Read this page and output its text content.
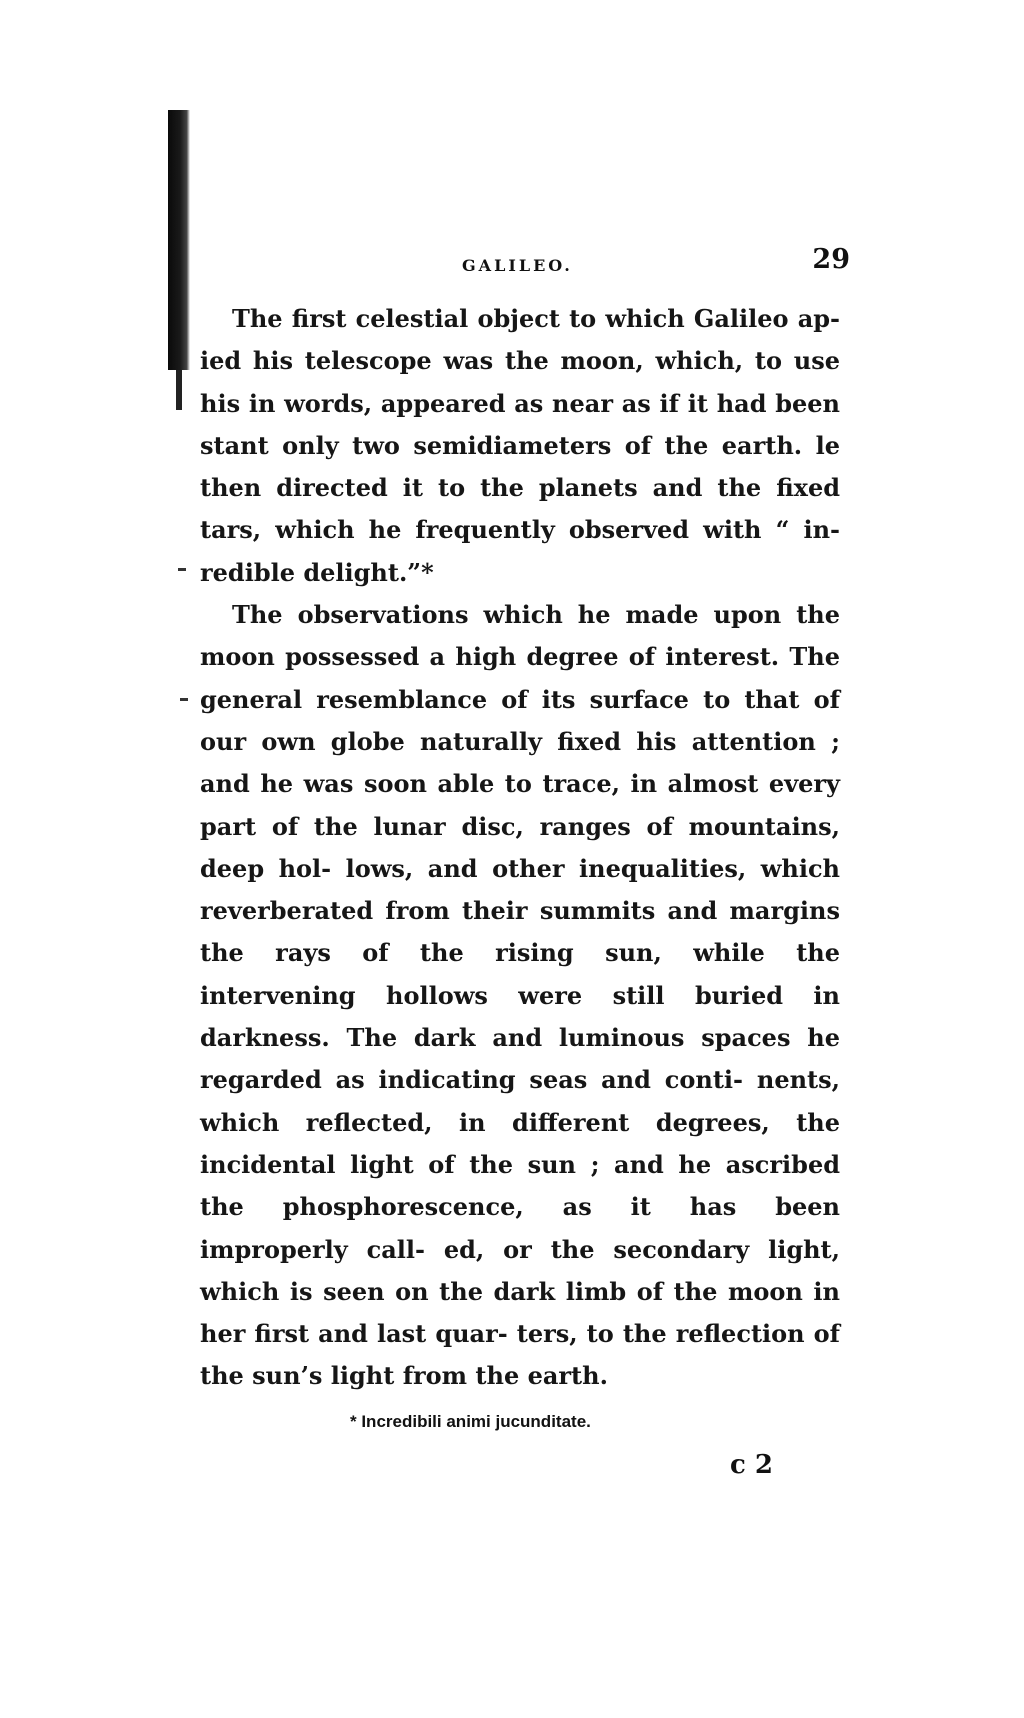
GALILEO.	29

The first celestial object to which Galileo ap- ied his telescope was the moon, which, to use his in words, appeared as near as if it had been stant only two semidiameters of the earth. le then directed it to the planets and the fixed tars, which he frequently observed with “ in- redible delight.”*

The observations which he made upon the moon possessed a high degree of interest. The general resemblance of its surface to that of our own globe naturally fixed his attention ; and he was soon able to trace, in almost every part of the lunar disc, ranges of mountains, deep hol- lows, and other inequalities, which reverberated from their summits and margins the rays of the rising sun, while the intervening hollows were still buried in darkness. The dark and luminous spaces he regarded as indicating seas and conti- nents, which reflected, in different degrees, the incidental light of the sun ; and he ascribed the phosphorescence, as it has been improperly call- ed, or the secondary light, which is seen on the dark limb of the moon in her first and last quar- ters, to the reflection of the sun’s light from the earth.

* Incredibili animi jucunditate.
c 2
